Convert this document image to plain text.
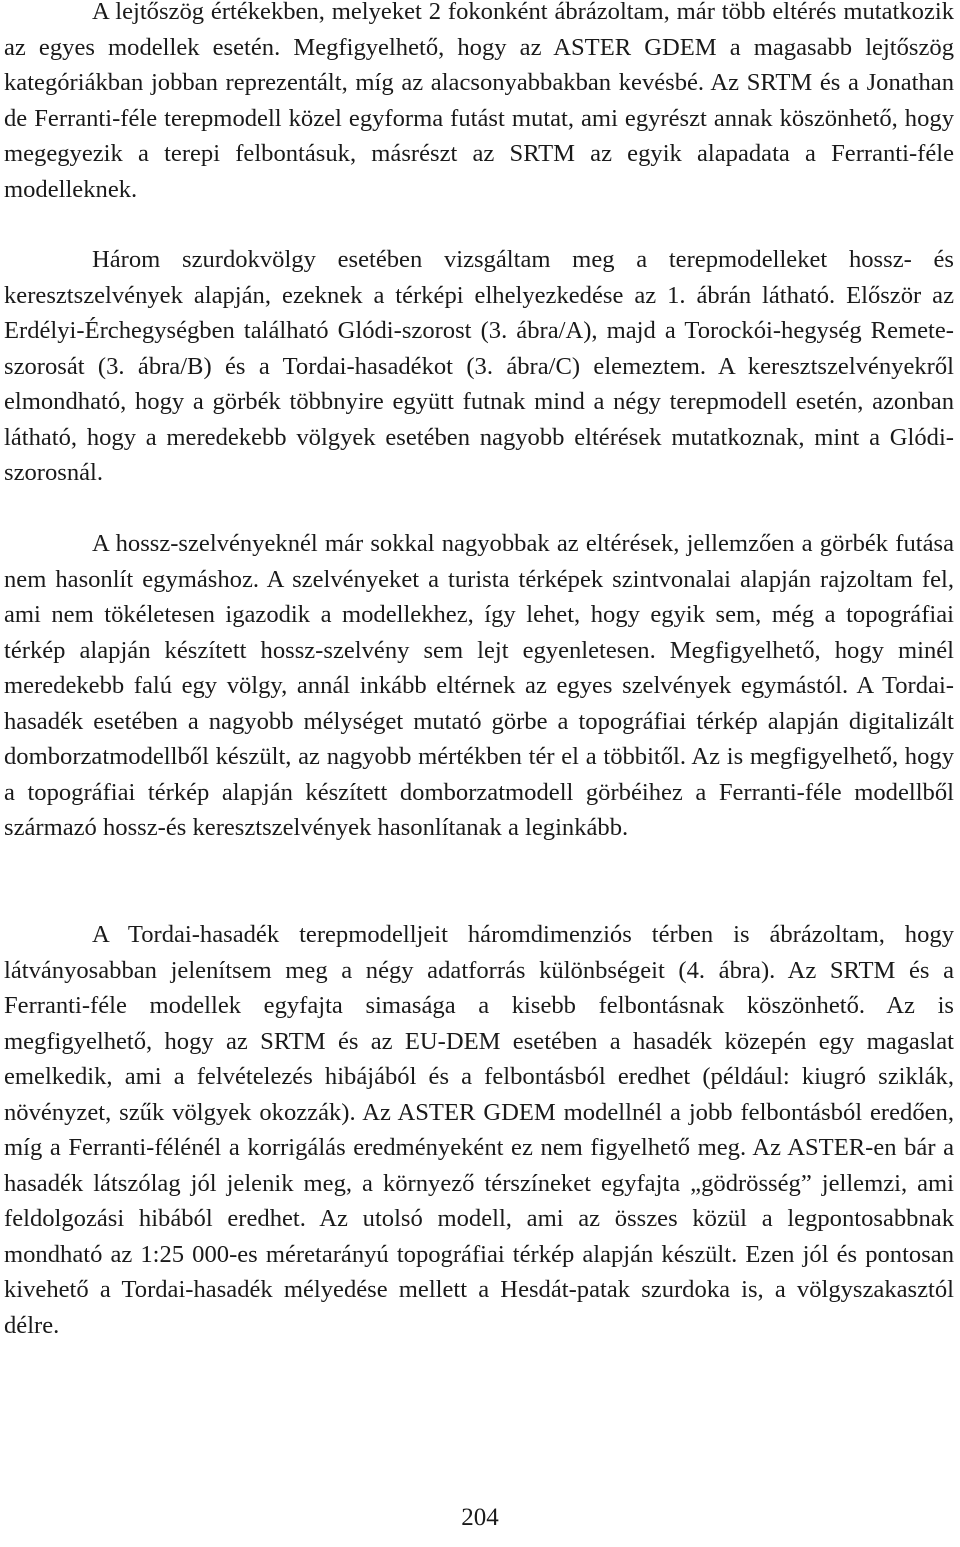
A lejtőszög értékekben, melyeket 2 fokonként ábrázoltam, már több eltérés mutatkozik az egyes modellek esetén. Megfigyelhető, hogy az ASTER GDEM a magasabb lejtőszög kategóriákban jobban reprezentált, míg az alacsonyabbakban kevésbé. Az SRTM és a Jonathan de Ferranti-féle terepmodell közel egyforma futást mutat, ami egyrészt annak köszönhető, hogy megegyezik a terepi felbontásuk, másrészt az SRTM az egyik alapadata a Ferranti-féle modelleknek.

Három szurdokvölgy esetében vizsgáltam meg a terepmodelleket hossz- és keresztszelvények alapján, ezeknek a térképi elhelyezkedése az 1. ábrán látható. Először az Erdélyi-Érchegységben található Glódi-szorost (3. ábra/A), majd a Torockói-hegység Remete-szorosát (3. ábra/B) és a Tordai-hasadékot (3. ábra/C) elemeztem. A keresztszelvényekről elmondható, hogy a görbék többnyire együtt futnak mind a négy terepmodell esetén, azonban látható, hogy a meredekebb völgyek esetében nagyobb eltérések mutatkoznak, mint a Glódi-szorosnál.

A hossz-szelvényeknél már sokkal nagyobbak az eltérések, jellemzően a görbék futása nem hasonlít egymáshoz. A szelvényeket a turista térképek szintvonalai alapján rajzoltam fel, ami nem tökéletesen igazodik a modellekhez, így lehet, hogy egyik sem, még a topográfiai térkép alapján készített hossz-szelvény sem lejt egyenletesen. Megfigyelhető, hogy minél meredekebb falú egy völgy, annál inkább eltérnek az egyes szelvények egymástól. A Tordai-hasadék esetében a nagyobb mélységet mutató görbe a topográfiai térkép alapján digitalizált domborzatmodellből készült, az nagyobb mértékben tér el a többitől. Az is megfigyelhető, hogy a topográfiai térkép alapján készített domborzatmodell görbéihez a Ferranti-féle modellből származó hossz-és keresztszelvények hasonlítanak a leginkább.

A Tordai-hasadék terepmodelljeit háromdimenziós térben is ábrázoltam, hogy látványosabban jelenítsem meg a négy adatforrás különbségeit (4. ábra). Az SRTM és a Ferranti-féle modellek egyfajta simasága a kisebb felbontásnak köszönhető. Az is megfigyelhető, hogy az SRTM és az EU-DEM esetében a hasadék közepén egy magaslat emelkedik, ami a felvételezés hibájából és a felbontásból eredhet (például: kiugró sziklák, növényzet, szűk völgyek okozzák). Az ASTER GDEM modellnél a jobb felbontásból eredően, míg a Ferranti-félénél a korrigálás eredményeként ez nem figyelhető meg. Az ASTER-en bár a hasadék látszólag jól jelenik meg, a környező térszíneket egyfajta „gödrösség” jellemzi, ami feldolgozási hibából eredhet. Az utolsó modell, ami az összes közül a legpontosabbnak mondható az 1:25 000-es méretarányú topográfiai térkép alapján készült. Ezen jól és pontosan kivehető a Tordai-hasadék mélyedése mellett a Hesdát-patak szurdoka is, a völgyszakasztól délre.

204
